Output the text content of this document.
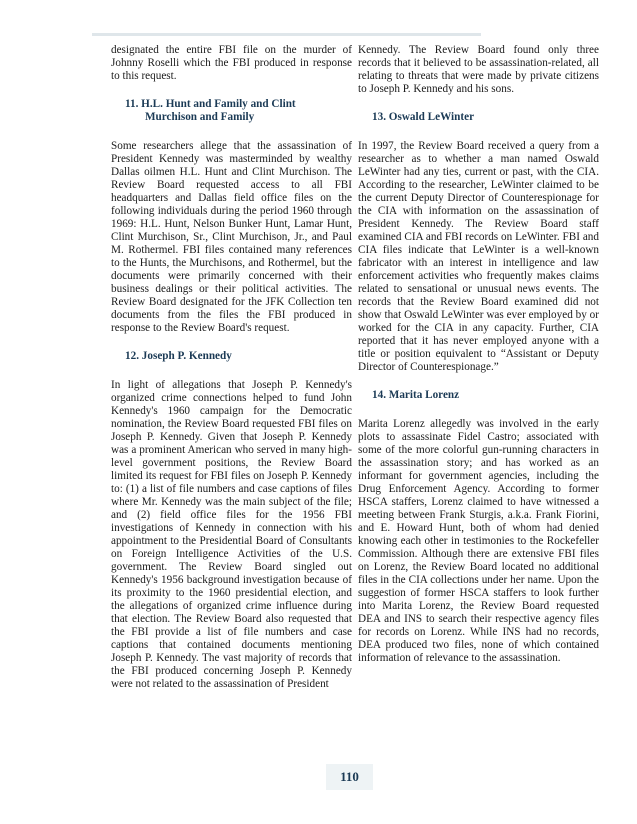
designated the entire FBI file on the murder of Johnny Roselli which the FBI produced in response to this request.

11. H.L. Hunt and Family and Clint
Murchison and Family

Some researchers allege that the assassination of President Kennedy was masterminded by wealthy Dallas oilmen H.L. Hunt and Clint Murchison. The Review Board requested access to all FBI headquarters and Dallas field office files on the following individuals during the period 1960 through 1969: H.L. Hunt, Nelson Bunker Hunt, Lamar Hunt, Clint Murchison, Sr., Clint Murchison, Jr., and Paul M. Rothermel. FBI files contained many references to the Hunts, the Murchisons, and Rothermel, but the documents were primarily concerned with their business dealings or their political activities. The Review Board designated for the JFK Collection ten documents from the files the FBI produced in response to the Review Board's request.

12. Joseph P. Kennedy

In light of allegations that Joseph P. Kennedy's organized crime connections helped to fund John Kennedy's 1960 campaign for the Democratic nomination, the Review Board requested FBI files on Joseph P. Kennedy. Given that Joseph P. Kennedy was a prominent American who served in many high-level government positions, the Review Board limited its request for FBI files on Joseph P. Kennedy to: (1) a list of file numbers and case captions of files where Mr. Kennedy was the main subject of the file; and (2) field office files for the 1956 FBI investigations of Kennedy in connection with his appointment to the Presidential Board of Consultants on Foreign Intelligence Activities of the U.S. government. The Review Board singled out Kennedy's 1956 background investigation because of its proximity to the 1960 presidential election, and the allegations of organized crime influence during that election. The Review Board also requested that the FBI provide a list of file numbers and case captions that contained documents mentioning Joseph P. Kennedy. The vast majority of records that the FBI produced concerning Joseph P. Kennedy were not related to the assassination of President

Kennedy. The Review Board found only three records that it believed to be assassination-related, all relating to threats that were made by private citizens to Joseph P. Kennedy and his sons.

13. Oswald LeWinter

In 1997, the Review Board received a query from a researcher as to whether a man named Oswald LeWinter had any ties, current or past, with the CIA. According to the researcher, LeWinter claimed to be the current Deputy Director of Counterespionage for the CIA with information on the assassination of President Kennedy. The Review Board staff examined CIA and FBI records on LeWinter. FBI and CIA files indicate that LeWinter is a well-known fabricator with an interest in intelligence and law enforcement activities who frequently makes claims related to sensational or unusual news events. The records that the Review Board examined did not show that Oswald LeWinter was ever employed by or worked for the CIA in any capacity. Further, CIA reported that it has never employed anyone with a title or position equivalent to “Assistant or Deputy Director of Counterespionage.”

14. Marita Lorenz

Marita Lorenz allegedly was involved in the early plots to assassinate Fidel Castro; associated with some of the more colorful gun-running characters in the assassination story; and has worked as an informant for government agencies, including the Drug Enforcement Agency. According to former HSCA staffers, Lorenz claimed to have witnessed a meeting between Frank Sturgis, a.k.a. Frank Fiorini, and E. Howard Hunt, both of whom had denied knowing each other in testimonies to the Rockefeller Commission. Although there are extensive FBI files on Lorenz, the Review Board located no additional files in the CIA collections under her name. Upon the suggestion of former HSCA staffers to look further into Marita Lorenz, the Review Board requested DEA and INS to search their respective agency files for records on Lorenz. While INS had no records, DEA produced two files, none of which contained information of relevance to the assassination.

110
